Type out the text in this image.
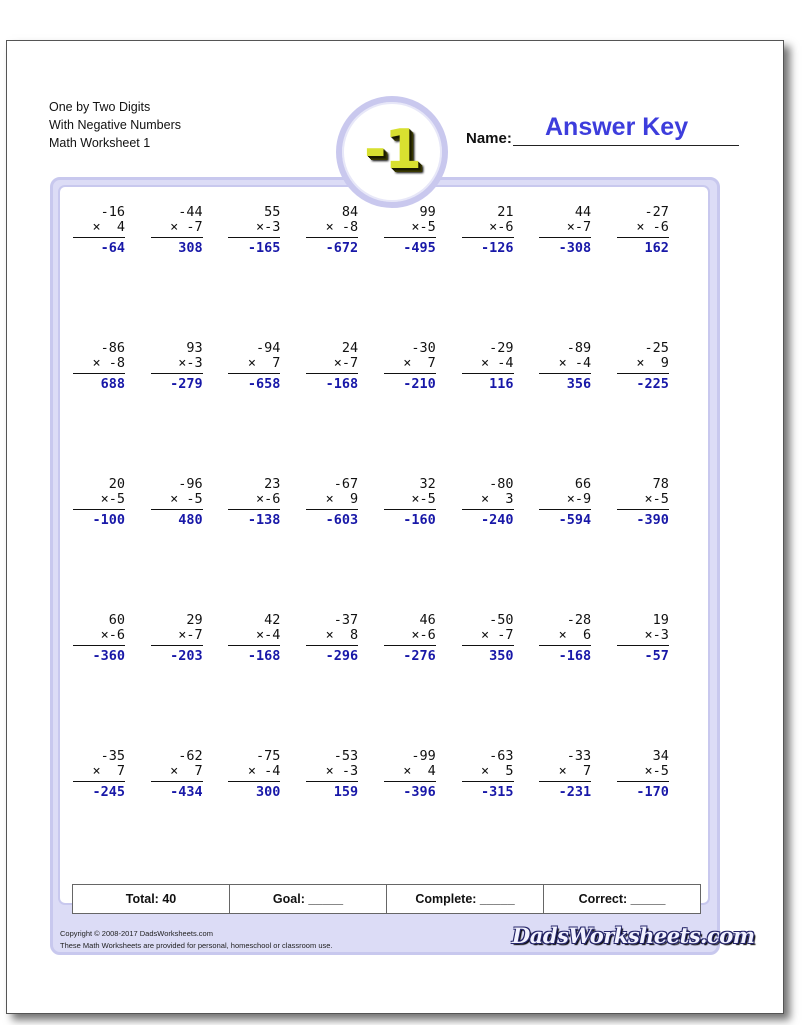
One by Two Digits
With Negative Numbers
Math Worksheet 1	-1	Name: Answer Key
-16
×  4
-64
-44
× -7
308
55
×-3
-165
84
× -8
-672
99
×-5
-495
21
×-6
-126
44
×-7
-308
-27
× -6
162
-86
× -8
688
93
×-3
-279
-94
×  7
-658
24
×-7
-168
-30
×  7
-210
-29
× -4
116
-89
× -4
356
-25
×  9
-225
20
×-5
-100
-96
× -5
480
23
×-6
-138
-67
×  9
-603
32
×-5
-160
-80
×  3
-240
66
×-9
-594
78
×-5
-390
60
×-6
-360
29
×-7
-203
42
×-4
-168
-37
×  8
-296
46
×-6
-276
-50
× -7
350
-28
×  6
-168
19
×-3
-57
-35
×  7
-245
-62
×  7
-434
-75
× -4
300
-53
× -3
159
-99
×  4
-396
-63
×  5
-315
-33
×  7
-231
34
×-5
-170
Total: 40	Goal: _____	Complete: _____	Correct: _____
Copyright © 2008-2017 DadsWorksheets.com
These Math Worksheets are provided for personal, homeschool or classroom use.	DadsWorksheets.com
